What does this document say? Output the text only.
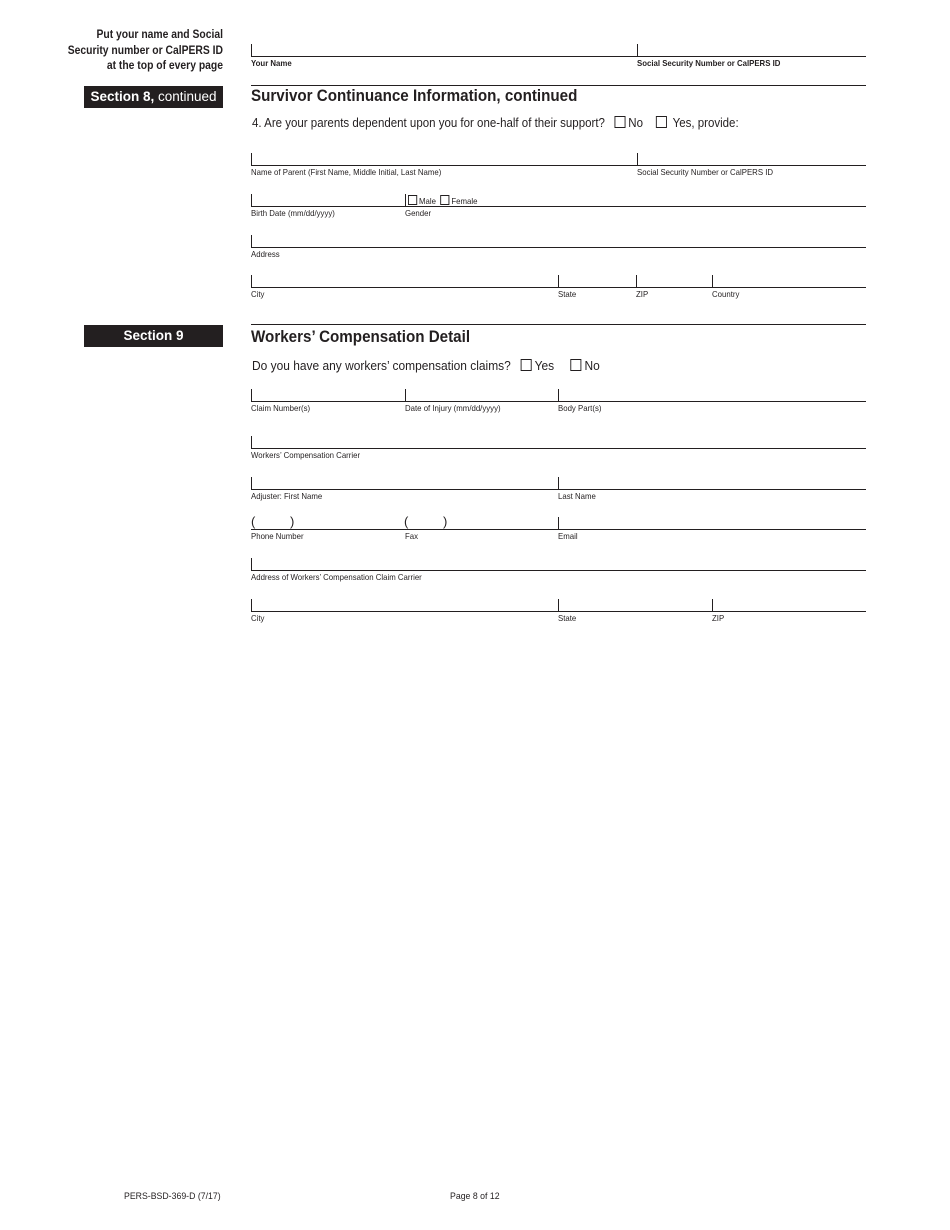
Put your name and Social
Security number or CalPERS ID
at the top of every page	Your Name	Social Security Number or CalPERS ID
Section 8, continued	Survivor Continuance Information, continued
4. Are your parents dependent upon you for one-half of their support? No Yes, provide:
Name of Parent (First Name, Middle Initial, Last Name)	Social Security Number or CalPERS ID
Male Female
Birth Date (mm/dd/yyyy)	Gender
Address
City	State	ZIP	Country
Section 9	Workers’ Compensation Detail
Do you have any workers’ compensation claims? Yes No
Claim Number(s)	Date of Injury (mm/dd/yyyy)	Body Part(s)
Workers’ Compensation Carrier
Adjuster: First Name	Last Name
(	)	(	)
Phone Number	Fax	Email
Address of Workers’ Compensation Claim Carrier
City	State	ZIP
PERS-BSD-369-D (7/17)	Page 8 of 12
